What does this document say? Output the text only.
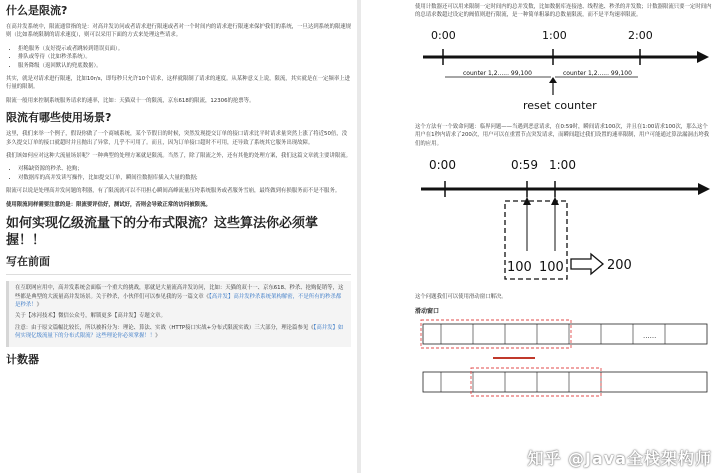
什么是限流?
在高并发系统中，限流通常指的是：对高并发访问或者请求进行限速或者对一个时间内的请求进行限速来保护我们的系统，一旦达到系统的限速规则（比如系统限制的请求速度），则可以采用下面的方式来处理这些请求。
• 拒绝服务（友好提示或者跳转到错误页面）。
• 排队或等待（比如秒杀系统）。
• 服务降级（返回默认的兜底数据）。
其实，就是对请求进行限速，比如10r/s，即每秒只允许10个请求，这样就限制了请求的速度。从某种意义上说，限流，其实就是在一定频率上进行量的限制。
限流一般用来控制系统服务请求的速率，比如：天猫双十一的限流，京东618的限流，12306的抢票等。
限流有哪些使用场景?
这里，我们来举一个例子，假设你做了一个商城系统，某个节假日的时候，突然发现提交订单的接口请求比平时请求量突然上涨了将近50倍，没多久提交订单的接口就超时并且抛出了异常，几乎不可用了。而且，因为订单接口超时不可用，还导致了系统其它服务出现故障。
我们该如何应对这种大流量场景呢？一种典型的处理方案就是限流。当然了，除了限流之外，还有其他的处理方案，我们这篇文章就主要讲限流。
• 对稀缺资源的秒杀、抢购；
• 对数据库的高并发读写操作，比如提交订单，瞬间往数据库插入大量的数据;
限流可以说是处理高并发问题的利器，有了限流就可以不用担心瞬间高峰流量压垮系统服务或者服务雪崩，最终做到有损服务而不是不服务。
使用限流同样需要注意的是：限流要评估好，测试好，否则会导致正常的访问被限流。
如何实现亿级流量下的分布式限流？这些算法你必须掌握！！
写在前面
在互联网应用中，高并发系统会面临一个重大的挑战，那就是大量流高并发访问，比如：天猫的双十一、京东618、秒杀、抢购促销等，这些都是典型的大流量高并发场景。关于秒杀，小伙伴们可以参见我的另一篇文章《【高并发】高并发秒杀系统架构解密，不是所有的秒杀都是秒杀！》
关于【冰河技术】微信公众号，解锁更多【高并发】专题文章。
注意：由于原文篇幅比较长，所以被拆分为：理论、算法、实战（HTTP接口实战+分布式限流实战）三大部分，理论篇参见《【高并发】如何实现亿级流量下的分布式限流？这些理论你必须掌握！！》
计数器
使用计数器还可以用来限制一定时间内的总并发数，比如数据库连接池、线程池、秒杀的并发数；计数器限流只要一定时间内的总请求数超过设定的阀值则进行限流，是一种简单粗暴的总数量限流，而不是平均速率限流。
0:00	1:00	2:00
counter 1,2...... 99,100	counter 1,2...... 99,100
reset counter
这个方法有一个致命问题：临界问题——当遇到恶意请求，在0:59时，瞬间请求100次，并且在1:00请求100次，那么这个用户在1秒内请求了200次，用户可以在重置节点突发请求，而瞬间超过我们设置的速率限制，用户可能通过算法漏洞击垮我们的应用。
0:00	0:59 1:00
100 100	200
这个问题我们可以使用滑动窗口解决。
滑动窗口
......
知乎 @Java全栈架构师
